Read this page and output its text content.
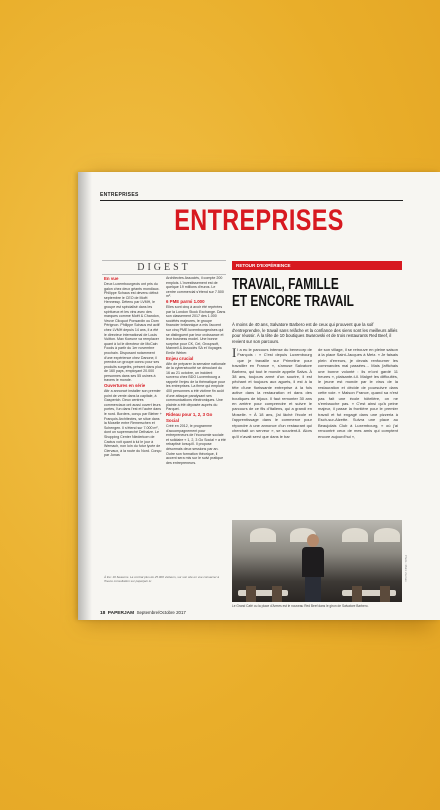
ENTREPRISES

ENTREPRISES

DIGEST

En vue
Deux Luxembourgeois ont pris du galon chez deux géants mondiaux. Philippe Schaus est devenu début septembre le CEO de Moët Hennessy. Détenu par LVMH, le groupe est spécialisé dans les spiritueux et les vins avec des marques comme Moët & Chandon, Veuve Clicquot Ponsardin ou Dom Pérignon. Philippe Schaus est actif chez LVMH depuis 14 ans, il a été le directeur international de Louis Vuitton. Max Koeune va remplacer quant à lui le directeur de McCain Foods à partir du 1er novembre prochain. Disposant notamment d'une expérience chez Danone, il prendra un groupe connu pour ses produits surgelés, présent dans plus de 160 pays, employant 20.000 personnes dans ses 55 usines à travers le monde.
Ouvertures en série
Attr a annoncé installer son premier point de vente dans la capitale, à Gasperich. Deux centres commerciaux ont aussi ouvert leurs portes, l'un dans l'est et l'autre dans le nord. Borders, conçu par Bieber + François Architectes, se situe dans la Moselle entre Remerschen et Schengen. Il s'étend sur 7.000 m², dont un supermarché Delhaize. Le Shopping Center Niederkorn de Cactus voit quant à lui le jour à Wemach, non loin du futur lycée de Clervaux, à la route du Nord. Conçu par Jonas
Architectes Associés, il compte 200 emplois. L'investissement est de quelque 19 millions d'euros. Le centre commercial s'étend sur 7.500 m².
6 PME parmi 1.000
Elles sont cinq à avoir été repérées par la London Stock Exchange. Dans son classement 2017 des 1.000 sociétés majeures, le groupe financier britannique a mis l'accent sur cinq PME luxembourgeoises qui se distinguent par leur croissance et leur business model. Une bonne surprise pour CK, Cel, Groupsoft, Mannell & Associés SA et Voyages Emile Weber.
Enjeu crucial
Afin de préparer la semaine nationale de la cybersécurité se déroulant du 16 au 21 octobre, un incident survenu chez BDO Luxembourg a rappelé l'enjeu de la thématique pour les entreprises. La firme qui emploie 400 personnes a été victime fin août d'une attaque paralysant ses communications électroniques. Une plainte a été déposée auprès du Parquet.
Rideau pour 1, 2, 3 Go Social
Créé en 2012, le programme d'accompagnement pour entrepreneurs de l'économie sociale et solidaire « 1, 2, 3 Go Social » a été rebaptisé lorsqu'il. Il propose désormais deux sessions par an. Outre son formation théorique, il accent sera mis sur le suivi pratique des entrepreneurs.

À lire: 16 Seasons. La contrat plus de 25.000 visiteurs, sur son site en vue consacrer à l'heure consultation sur paperjam.lu

RETOUR D'EXPÉRIENCE

TRAVAIL, FAMILLE
ET ENCORE TRAVAIL

À moins de 40 ans, Salvatore Barbero est de ceux qui prouvent que la soif d'entreprendre, le travail sans relâche et la confiance des siens sont les meilleurs alliés pour réussir. À la tête de 10 boutiques Swarovski et de trois restaurants Red Beef, il revient sur son parcours.

Il a eu le parcours intense du benecorp de François : « C'est depuis Luxembourg que je travaille sur Primeline pour travailler en France », s'amuse Salvatore Barbero, qui tout le monde appelle Salva. À 38 ans, toujours armé d'un sourire, il est pêchant et toujours aux aguets, il est à la tête d'une florissante entreprise à la fois active dans la restauration et dans des boutiques de bijoux. Il faut remonter 30 ans en arrière pour comprendre et suivre le parcours de ce fils d'Italiens, qui a grandi en Moselle. « À 18 ans, j'ai lâché l'école et l'apprentissage dans le commerce pour répondre à une annonce d'un restaurant qui cherchait un serveur », se souvient-il. Alors qu'il n'avait servi que dans le bar
de son village, il se retrouve en pleine saison à la place Saint-Jacques à Metz. « Je faisais plein d'erreurs, je devais renfourner les commandes mal passées… Mais j'affichais une bonne volonté : ils m'ont gardé 11 heures », plaisante-t-il. Malgré les difficultés, le jeune est monde par le virus de la restauration et décide de poursuivre dans cette voie. « Maison France, quand sa n'est pas fait une école hôtelière, on ne s'embauche pas. » C'est ainsi qu'à peine majeur, il passe la frontière pour le premier travail et fut engagé dans une pizzeria à Esch-sur-Alzette. Suivra une place au Beaujolais Club à Luxembourg, « où j'ai rencontré ceux de mes amis qui comptent encore aujourd'hui »,

Le Grand Café ou la place d'Armes est le nouveau Red Beef dans le giron de Salvatore Barbero.

Photo : Matic Zorman

18 PAPERJAM Septembre/Octobre 2017
